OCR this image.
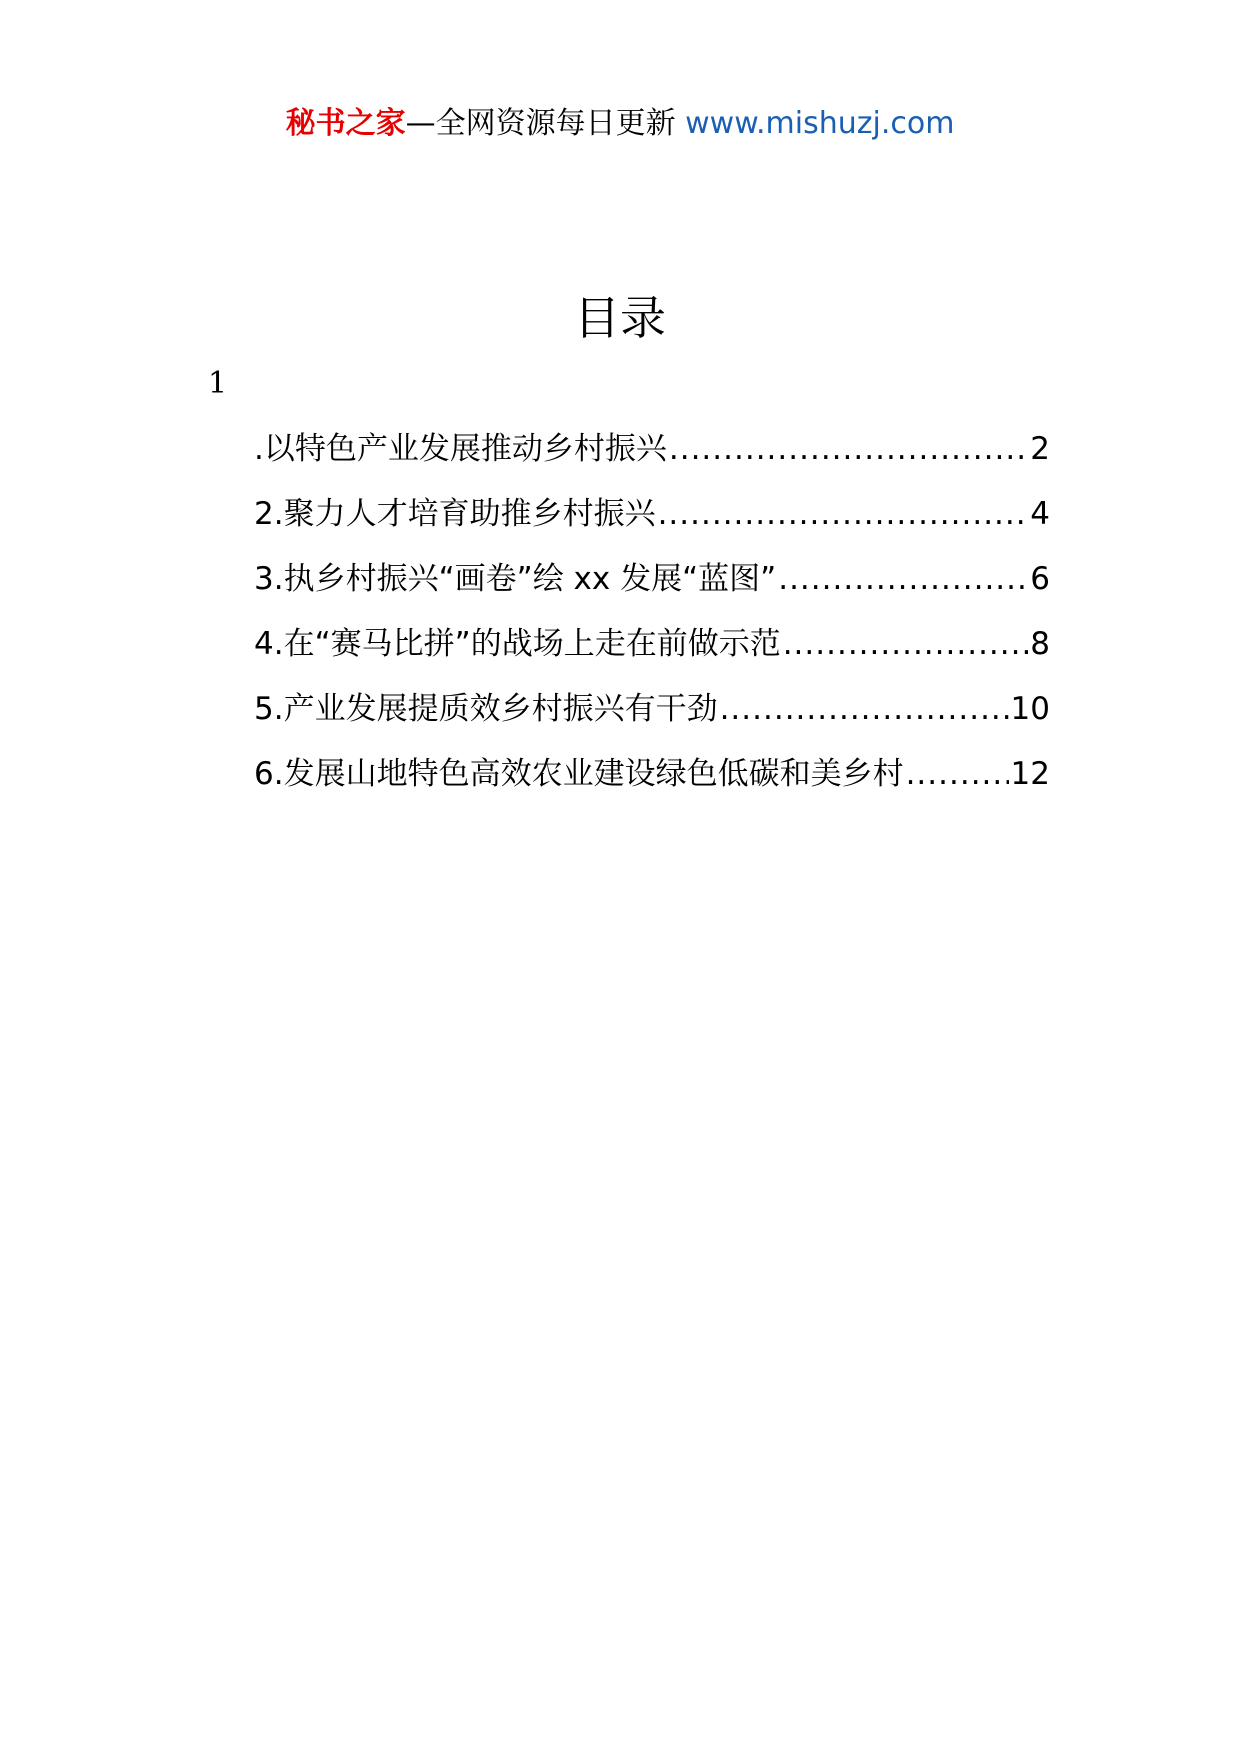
秘书之家—全网资源每日更新 www.mishuzj.com
目录
1
.以特色产业发展推动乡村振兴 .....	2
2.聚力人才培育助推乡村振兴 .....	4
3.执乡村振兴“画卷”绘 xx 发展“蓝图” .....	6
4.在“赛马比拼”的战场上走在前做示范 .....	8
5.产业发展提质效乡村振兴有干劲 .....	10
6.发展山地特色高效农业建设绿色低碳和美乡村 .....	12
